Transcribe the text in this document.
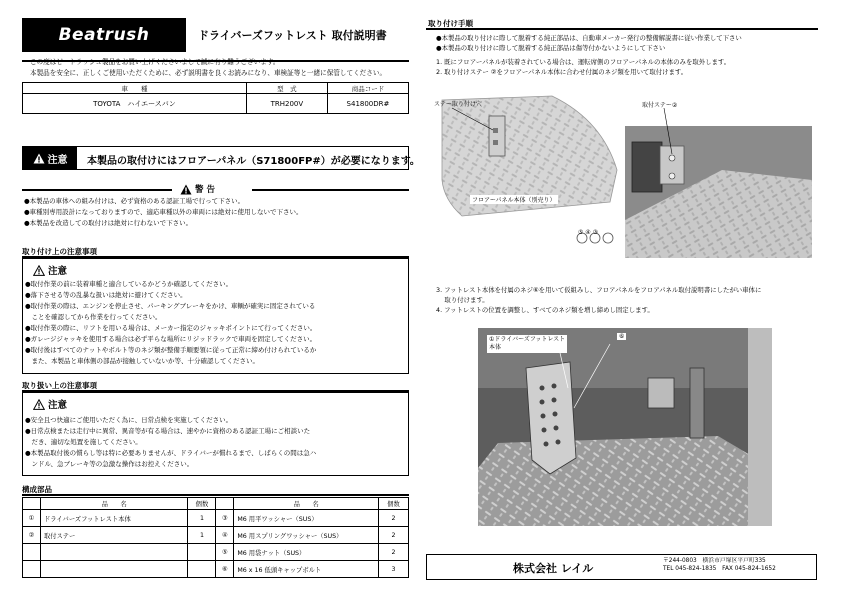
Beatrush	ドライバーズフットレスト 取付説明書
この度はビートラッシュ製品をお買い上げくださいまして誠に有り難うございます。
本製品を安全に、正しくご使用いただくために、必ず説明書を良くお読みになり、車検証等と一緒に保管してください。
車　　種	型　式	商品コード
TOYOTA　ハイエースバン	TRH200V	S41800DR#
注意 本製品の取付けにはフロアーパネル（S71800FP#）が必要になります。
警 告
●本製品の車体への組み付けは、必ず資格のある認証工場で行って下さい。
●車種別専用設計になっておりますので、適応車種以外の車両には絶対に使用しないで下さい。
●本製品を改造しての取付けは絶対に行わないで下さい。
取り付け上の注意事項
注意
●取付作業の前に装着車種と適合しているかどうか確認してください。
●落下させる等の乱暴な扱いは絶対に避けてください。
●取付作業の際は、エンジンを停止させ、パーキングブレーキをかけ、車輌が確実に固定されている
　ことを確認してから作業を行ってください。
●取付作業の際に、リフトを用いる場合は、メーカー指定のジャッキポイントにて行ってください。
●ガレージジャッキを使用する場合は必ず平らな場所にリジッドラックで車両を固定してください。
●取付後はすべてのナットやボルト等のネジ類が整備手順要領に従って正常に締め付けられているか
　また、本製品と車体側の部品が接触していないか等、十分確認してください。
取り扱い上の注意事項
注意
●安全且つ快適にご使用いただく為に、日常点検を実施してください。
●日常点検または走行中に異常、異音等が有る場合は、速やかに資格のある認証工場にご相談いた
　だき、適切な処置を施してください。
●本製品取付後の慣らし等は特に必要ありませんが、ドライバーが慣れるまで、しばらくの間は急ハ
　ンドル、急ブレーキ等の急激な操作はお控えください。
構成部品
	品　　名	個数		品　　名	個数
①	ドライバーズフットレスト本体	1	③	M6 用平ワッシャー（SUS）	2
②	取付ステー	1	④	M6 用スプリングワッシャー（SUS）	2
			⑤	M6 用袋ナット（SUS）	2
			⑥	M6 x 16 低頭キャップボルト	3
取り付け手順
●本製品の取り付けに際して脱着する純正部品は、自動車メーカー発行の整備解説書に従い作業して下さい
●本製品の取り付けに際して脱着する純正部品は傷等付かないようにして下さい
1. 既にフロアーパネルが装着されている場合は、運転席側のフロアーパネルの本体のみを取外します。
2. 取り付けステー ②をフロアーパネル本体に合わせ付属のネジ類を用いて取付けます。
ステー取り付け穴	取付ステー②
フロアーパネル本体（別売り）
⑤ ④ ③
3. フットレスト本体を付属のネジ⑥を用いて仮組みし、フロアパネルをフロアパネル取付説明書にしたがい車体に
　 取り付けます。
4. フットレストの位置を調整し、すべてのネジ類を増し締めし固定します。
①ドライバーズフットレスト
本体
⑥
株式会社 レイル
〒244-0803　横浜市戸塚区平戸町335
TEL 045-824-1835　FAX 045-824-1652
